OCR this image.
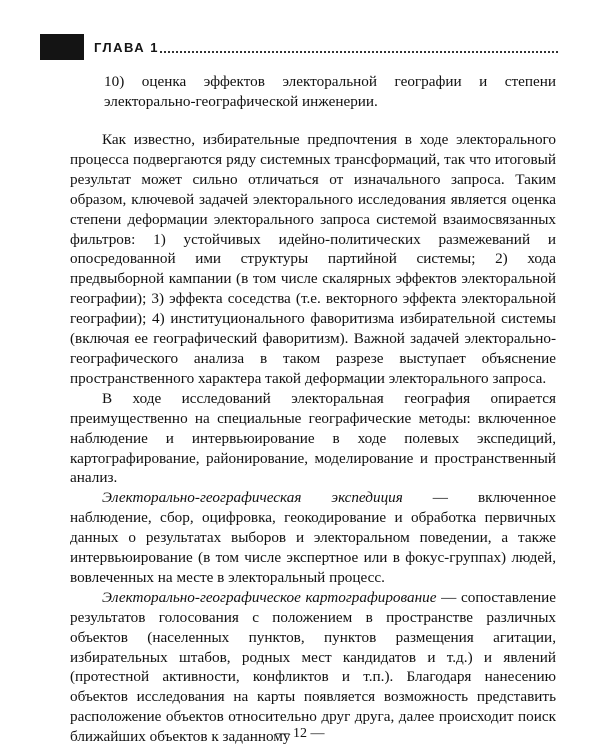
ГЛАВА 1
10) оценка эффектов электоральной географии и степени электорально-географической инженерии.

Как известно, избирательные предпочтения в ходе электорального процесса подвергаются ряду системных трансформаций, так что итоговый результат может сильно отличаться от изначального запроса. Таким образом, ключевой задачей электорального исследования является оценка степени деформации электорального запроса системой взаимосвязанных фильтров: 1) устойчивых идейно-политических размежеваний и опосредованной ими структуры партийной системы; 2) хода предвыборной кампании (в том числе скалярных эффектов электоральной географии); 3) эффекта соседства (т.е. векторного эффекта электоральной географии); 4) институционального фаворитизма избирательной системы (включая ее географический фаворитизм). Важной задачей электорально-географического анализа в таком разрезе выступает объяснение пространственного характера такой деформации электорального запроса.

В ходе исследований электоральная география опирается преимущественно на специальные географические методы: включенное наблюдение и интервьюирование в ходе полевых экспедиций, картографирование, районирование, моделирование и пространственный анализ.

Электорально-географическая экспедиция — включенное наблюдение, сбор, оцифровка, геокодирование и обработка первичных данных о результатах выборов и электоральном поведении, а также интервьюирование (в том числе экспертное или в фокус-группах) людей, вовлеченных на месте в электоральный процесс.

Электорально-географическое картографирование — сопоставление результатов голосования с положением в пространстве различных объектов (населенных пунктов, пунктов размещения агитации, избирательных штабов, родных мест кандидатов и т.д.) и явлений (протестной активности, конфликтов и т.п.). Благодаря нанесению объектов исследования на карты появляется возможность представить расположение объектов относительно друг друга, далее происходит поиск ближайших объектов к заданному

— 12 —
